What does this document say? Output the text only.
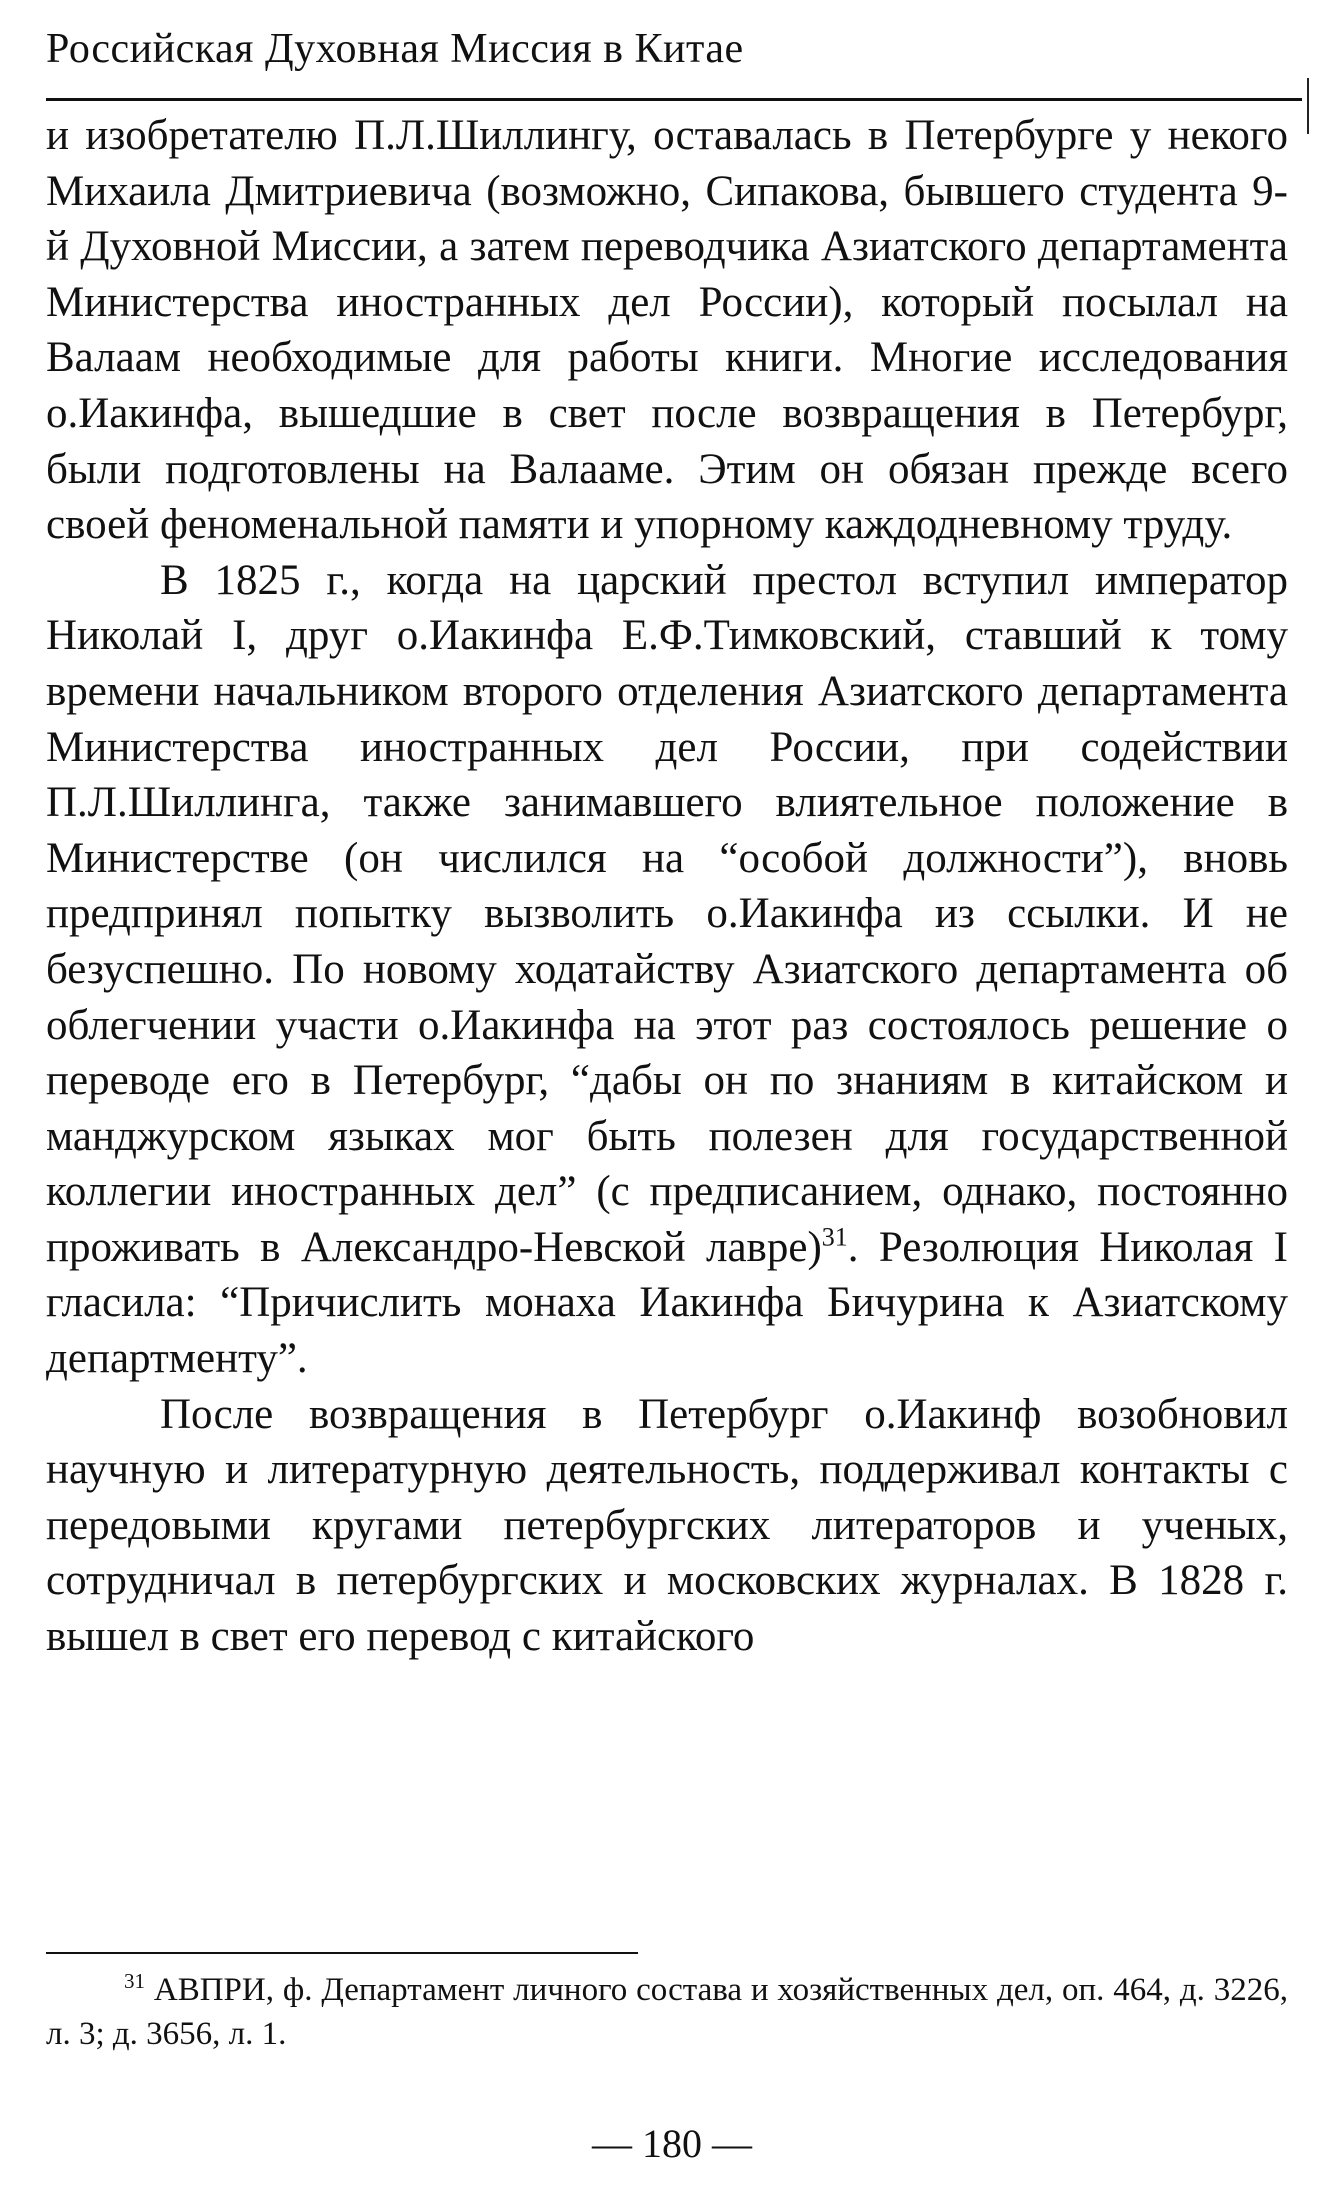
Российская Духовная Миссия в Китае

и изобретателю П.Л.Шиллингу, оставалась в Петербурге у некого Михаила Дмитриевича (возможно, Сипакова, бывшего студента 9-й Духовной Миссии, а затем переводчика Азиатского департамента Министерства иностранных дел России), который посылал на Валаам необходимые для работы книги. Многие исследования о.Иакинфа, вышедшие в свет после возвращения в Петербург, были подготовлены на Валааме. Этим он обязан прежде всего своей феноменальной памяти и упорному каждодневному труду.

В 1825 г., когда на царский престол вступил император Николай I, друг о.Иакинфа Е.Ф.Тимковский, ставший к тому времени начальником второго отделения Азиатского департамента Министерства иностранных дел России, при содействии П.Л.Шиллинга, также занимавшего влиятельное положение в Министерстве (он числился на “особой должности”), вновь предпринял попытку вызволить о.Иакинфа из ссылки. И не безуспешно. По новому ходатайству Азиатского департамента об облегчении участи о.Иакинфа на этот раз состоялось решение о переводе его в Петербург, “дабы он по знаниям в китайском и манджурском языках мог быть полезен для государственной коллегии иностранных дел” (с предписанием, однако, постоянно проживать в Александро-Невской лавре)$^{31}$. Резолюция Николая I гласила: “Причислить монаха Иакинфа Бичурина к Азиатскому департменту”.

После возвращения в Петербург о.Иакинф возобновил научную и литературную деятельность, поддерживал контакты с передовыми кругами петербургских литераторов и ученых, сотрудничал в петербургских и московских журналах. В 1828 г. вышел в свет его перевод с китайского

$^{31}$ АВПРИ, ф. Департамент личного состава и хозяйственных дел, оп. 464, д. 3226, л. 3; д. 3656, л. 1.
— 180 —
